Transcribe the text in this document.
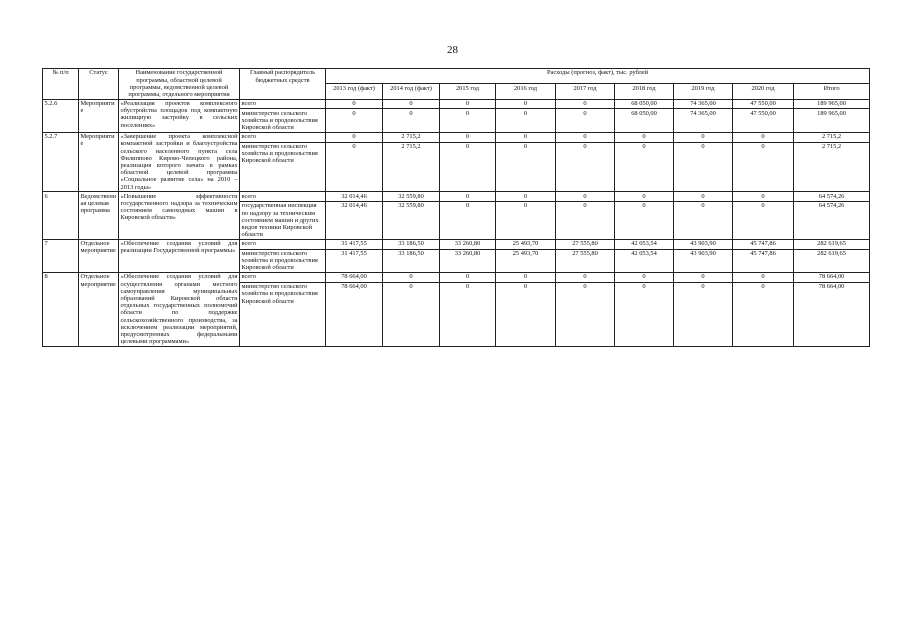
28
№ п/п	Статус	Наименование государственной программы, областной целевой программы, ведомственной целевой программы, отдельного мероприятия	Главный распорядитель бюджетных средств	Расходы (прогноз, факт), тыс. рублей								
				2013 год (факт)	2014 год (факт)	2015 год	2016 год	2017 год	2018 год	2019 год	2020 год	Итого
5.2.6	Мероприятие	«Реализация проектов комплексного обустройства площадок под компактную жилищную застройку в сельских поселениях»	всего	0	0	0	0	0	68 050,00	74 365,00	47 550,00	189 965,00
			министерство сельского хозяйства и продовольствия Кировской области	0	0	0	0	0	68 050,00	74 365,00	47 550,00	189 965,00
5.2.7	Мероприятие	«Завершение проекта комплексной компактной застройки и благоустройства сельского населенного пункта села Филиппово Кирово-Чепецкого района, реализация которого начата в рамках областной целевой программы «Социальное развитие села» на 2010 – 2013 годы»	всего	0	2 715,2	0	0	0	0	0	0	2 715,2
			министерство сельского хозяйства и продовольствия Кировской области	0	2 715,2	0	0	0	0	0	0	2 715,2
6	Ведомственная целевая программа	«Повышение эффективности государственного надзора за техническим состоянием самоходных машин в Кировской области»	всего	32 014,46	32 559,80	0	0	0	0	0	0	64 574,26
			государственная инспекция по надзору за техническим состоянием машин и других видов техники Кировской области	32 014,46	32 559,80	0	0	0	0	0	0	64 574,26
7	Отдельное мероприятие	«Обеспечение создания условий для реализации Государственной программы»	всего	31 417,55	33 186,50	33 260,80	25 493,70	27 555,80	42 053,54	43 903,90	45 747,86	282 619,65
			министерство сельского хозяйства и продовольствия Кировской области	31 417,55	33 186,50	33 260,80	25 493,70	27 555,80	42 053,54	43 903,90	45 747,86	282 619,65
8	Отдельное мероприятие	«Обеспечение создания условий для осуществления органами местного самоуправления муниципальных образований Кировской области отдельных государственных полномочий области по поддержке сельскохозяйственного производства, за исключением реализации мероприятий, предусмотренных федеральными целевыми программами»	всего	78 664,00	0	0	0	0	0	0	0	78 664,00
			министерство сельского хозяйства и продовольствия Кировской области	78 664,00	0	0	0	0	0	0	0	78 664,00
